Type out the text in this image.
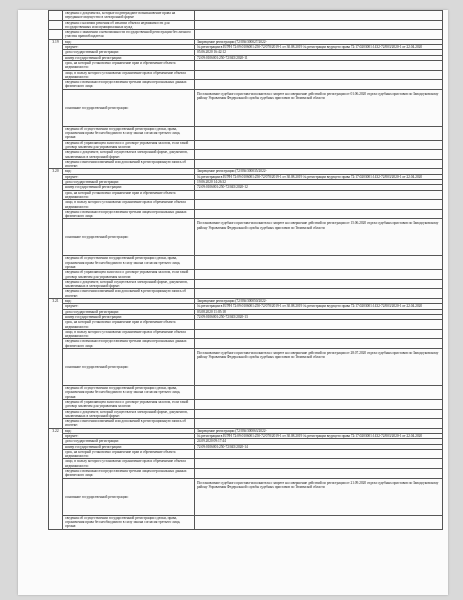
	сведения о документах, которые подтверждают возникновение права на переданное имущество в электронной форме	
	сведения о наличии решения об изъятии объекта недвижимости для государственных или муниципальных нужд	
	сведения о заявлении о невозможности государственной регистрации без личного участия правообладателя	
3.19	вид:	Запрещение регистрации (72/036/300027/2022-
	предмет:	№ регистрации в ЕГРН 72:09:0106001:250-72/078/2019-1 от 30.08.2019 № регистрации ведущего права 72:17:0203001:1432-72/003/2020-1 от 22.04.2020
	дата государственной регистрации:	05.06.2020 16:42:12
	номер государственной регистрации:	72:09:0106001:250-72/045/2020-11
	срок, на который установлено ограничение прав и обременение объекта недвижимости:	
	лицо, в пользу которого установлено ограничение прав и обременение объекта недвижимости:	
	сведения о возможности предоставления третьим лицам персональных данных физического лица:	
	основание государственной регистрации:	Постановление судебного пристава-исполнителя о запрете на совершение действий по регистрации от 01.06.2020 отдела судебных приставов по Заводоуковскому району Управления Федеральной службы судебных приставов по Тюменской области
	сведения об осуществлении государственной регистрации сделки, права, ограничения права без необходимого в силу закона согласия третьего лица, органа:	
	сведения об управляющем залогом и о договоре управления залогом, если такой договор заключен для управления залогом:	
	сведения о документе, который осуществлен в электронной форме, документов, заключенных в электронной форме:	
	сведения о внесении изменений или дополнений в регистрационную запись об ипотеке:	
3.20	вид:	Запрещение регистрации (72/036/300035/2022-
	предмет:	№ регистрации в ЕГРН 72:09:0106001:250-72/078/2019-1 от 30.08.2019 № регистрации ведущего права 72:17:0203001:1432-72/003/2020-1 от 22.04.2020
	дата государственной регистрации:	19.06.2020 14:26:32
	номер государственной регистрации:	72:09:0106001:250-72/045/2020-12
	срок, на который установлено ограничение прав и обременение объекта недвижимости:	
	лицо, в пользу которого установлено ограничение прав и обременение объекта недвижимости:	
	сведения о возможности предоставления третьим лицам персональных данных физического лица:	
	основание государственной регистрации:	Постановление судебного пристава-исполнителя о запрете на совершение действий по регистрации от 15.06.2020 отдела судебных приставов по Заводоуковскому району Управления Федеральной службы судебных приставов по Тюменской области
	сведения об осуществлении государственной регистрации сделки, права, ограничения права без необходимого в силу закона согласия третьего лица, органа:	
	сведения об управляющем залогом и о договоре управления залогом, если такой договор заключен для управления залогом:	
	сведения о документе, который осуществлен в электронной форме, документов, заключенных в электронной форме:	
	сведения о внесении изменений или дополнений в регистрационную запись об ипотеке:	
3.21	вид:	Запрещение регистрации (72/036/300050/2022-
	предмет:	№ регистрации в ЕГРН 72:09:0106001:250-72/078/2019-1 от 30.08.2019 № регистрации ведущего права 72:17:0203001:1432-72/003/2020-1 от 22.04.2020
	дата государственной регистрации:	03.08.2020 11:05:18
	номер государственной регистрации:	72:09:0106001:250-72/045/2020-13
	срок, на который установлено ограничение прав и обременение объекта недвижимости:	
	лицо, в пользу которого установлено ограничение прав и обременение объекта недвижимости:	
	сведения о возможности предоставления третьим лицам персональных данных физического лица:	
	основание государственной регистрации:	Постановление судебного пристава-исполнителя о запрете на совершение действий по регистрации от 28.07.2020 отдела судебных приставов по Заводоуковскому району Управления Федеральной службы судебных приставов по Тюменской области
	сведения об осуществлении государственной регистрации сделки, права, ограничения права без необходимого в силу закона согласия третьего лица, органа:	
	сведения об управляющем залогом и о договоре управления залогом, если такой договор заключен для управления залогом:	
	сведения о документе, который осуществлен в электронной форме, документов, заключенных в электронной форме:	
	сведения о внесении изменений или дополнений в регистрационную запись об ипотеке:	
3.22	вид:	Запрещение регистрации (72/036/300063/2022-
	предмет:	№ регистрации в ЕГРН 72:09:0106001:250-72/078/2019-1 от 30.08.2019 № регистрации ведущего права 72:17:0203001:1432-72/003/2020-1 от 22.04.2020
	дата государственной регистрации:	24.09.2020 09:17:44
	номер государственной регистрации:	72:09:0106001:250-72/045/2020-14
	срок, на который установлено ограничение прав и обременение объекта недвижимости:	
	лицо, в пользу которого установлено ограничение прав и обременение объекта недвижимости:	
	сведения о возможности предоставления третьим лицам персональных данных физического лица:	
	основание государственной регистрации:	Постановление судебного пристава-исполнителя о запрете на совершение действий по регистрации от 21.09.2020 отдела судебных приставов по Заводоуковскому району Управления Федеральной службы судебных приставов по Тюменской области
	сведения об осуществлении государственной регистрации сделки, права, ограничения права без необходимого в силу закона согласия третьего лица, органа:	
